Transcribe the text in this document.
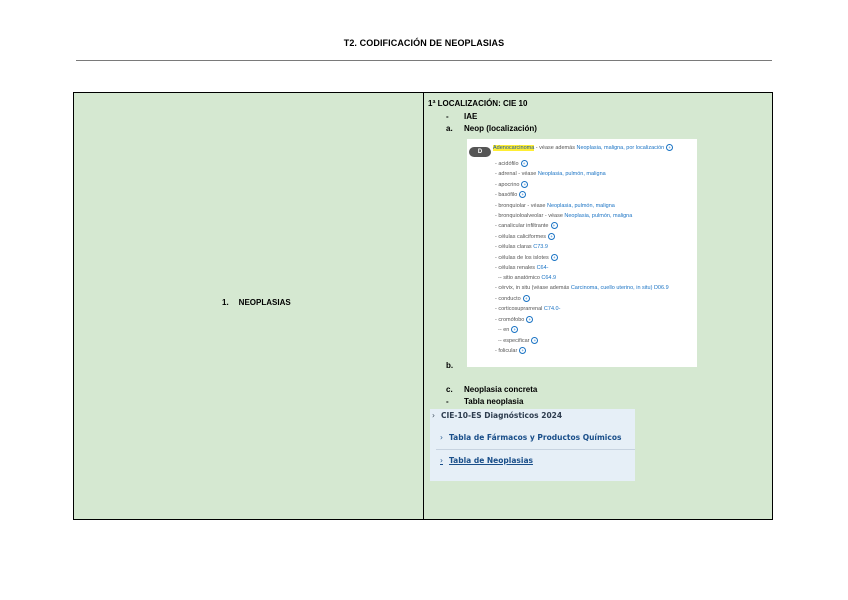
T2. CODIFICACIÓN DE NEOPLASIAS
1. NEOPLASIAS
1ª LOCALIZACIÓN: CIE 10
- IAE
a. Neop (localización)
D
Adenocarcinoma - véase además Neoplasia, maligna, por localización +
- acidófilo +
- adrenal - véase Neoplasia, pulmón, maligna
- apocrino +
- basófilo +
- bronquiolar - véase Neoplasia, pulmón, maligna
- bronquioloalveolar - véase Neoplasia, pulmón, maligna
- canalicular infiltrante +
- células caliciformes +
- células claras C73.9
- células de los islotes +
- células renales C64-
-- sitio anatómico C64.9
- cérvix, in situ (véase además Carcinoma, cuello uterino, in situ) D06.9
- conducto +
- corticosuprarrenal C74.0-
- cromófobo +
-- en +
-- especificar +
- folicular +
b.
c. Neoplasia concreta
- Tabla neoplasia
› CIE-10-ES Diagnósticos 2024
› Tabla de Fármacos y Productos Químicos
› Tabla de Neoplasias
